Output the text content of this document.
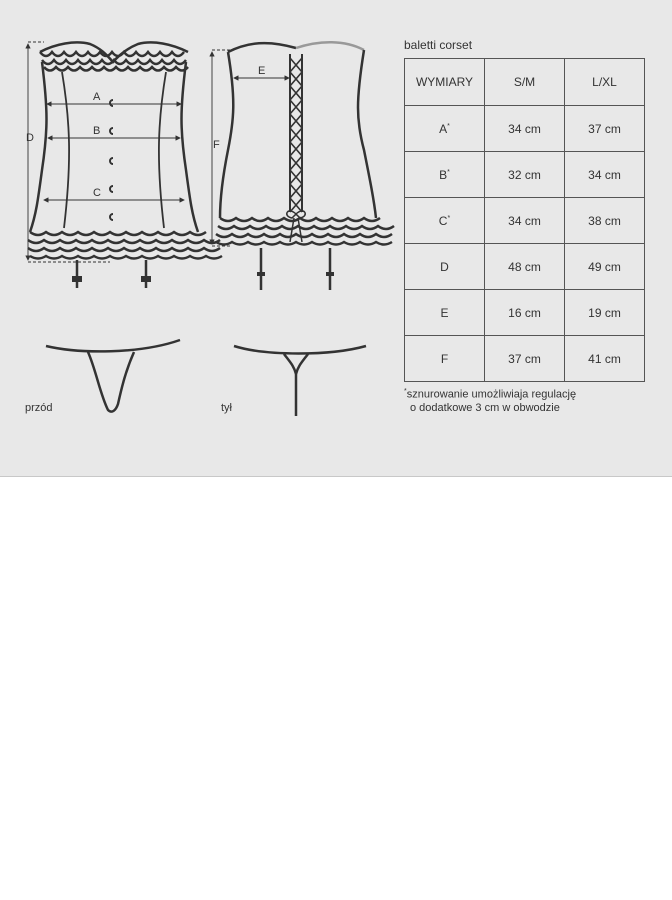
A
B
C
D
E
F
baletti corset
WYMIARY	S/M	L/XL
A*	34 cm	37 cm
B*	32 cm	34 cm
C*	34 cm	38 cm
D	48 cm	49 cm
E	16 cm	19 cm
F	37 cm	41 cm
*sznurowanie umożliwiaja regulację
o dodatkowe 3 cm w obwodzie
przód	tył
